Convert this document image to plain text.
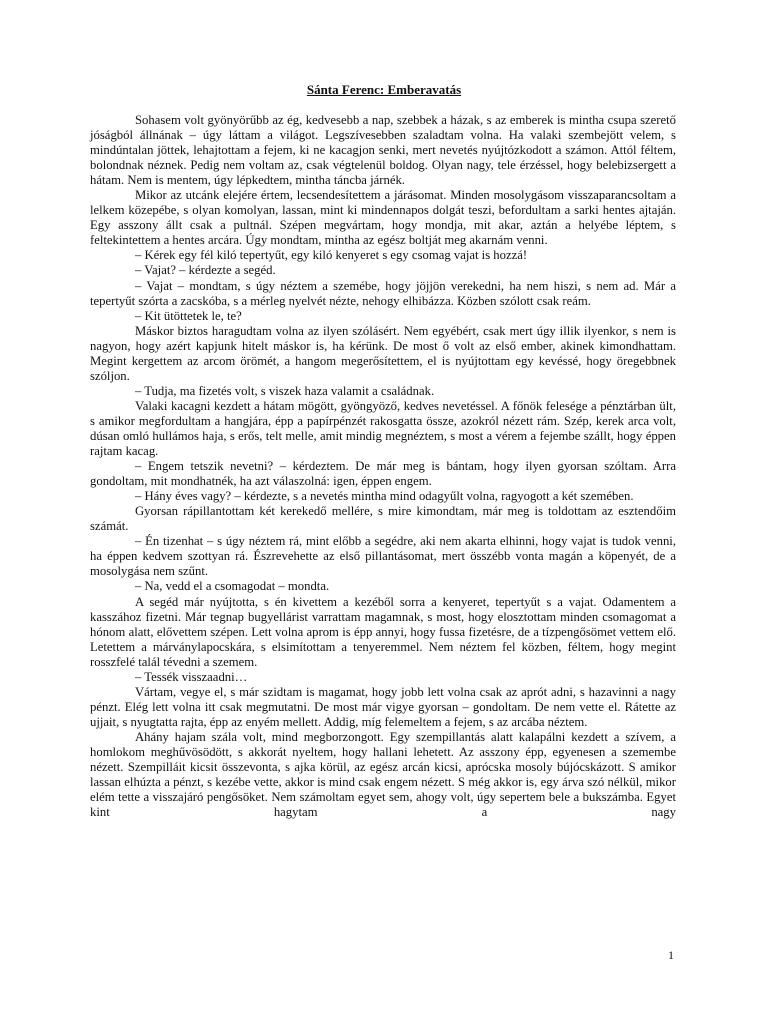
Sánta Ferenc: Emberavatás

Sohasem volt gyönyörűbb az ég, kedvesebb a nap, szebbek a házak, s az emberek is mintha csupa szerető jóságból állnának – úgy láttam a világot. Legszívesebben szaladtam volna. Ha valaki szembejött velem, s mindúntalan jöttek, lehajtottam a fejem, ki ne kacagjon senki, mert nevetés nyújtózkodott a számon. Attól féltem, bolondnak néznek. Pedig nem voltam az, csak végtelenül boldog. Olyan nagy, tele érzéssel, hogy belebizsergett a hátam. Nem is mentem, úgy lépkedtem, mintha táncba járnék.

Mikor az utcánk elejére értem, lecsendesítettem a járásomat. Minden mosolygásom visszaparancsoltam a lelkem közepébe, s olyan komolyan, lassan, mint ki mindennapos dolgát teszi, befordultam a sarki hentes ajtaján. Egy asszony állt csak a pultnál. Szépen megvártam, hogy mondja, mit akar, aztán a helyébe léptem, s feltekintettem a hentes arcára. Úgy mondtam, mintha az egész boltját meg akarnám venni.

– Kérek egy fél kiló tepertyűt, egy kiló kenyeret s egy csomag vajat is hozzá!

– Vajat? – kérdezte a segéd.

– Vajat – mondtam, s úgy néztem a szemébe, hogy jöjjön verekedni, ha nem hiszi, s nem ad. Már a tepertyűt szórta a zacskóba, s a mérleg nyelvét nézte, nehogy elhibázza. Közben szólott csak reám.

– Kit ütöttetek le, te?

Máskor biztos haragudtam volna az ilyen szólásért. Nem egyébért, csak mert úgy illik ilyenkor, s nem is nagyon, hogy azért kapjunk hitelt máskor is, ha kérünk. De most ő volt az első ember, akinek kimondhattam. Megint kergettem az arcom örömét, a hangom megerősítettem, el is nyújtottam egy kevéssé, hogy öregebbnek szóljon.

– Tudja, ma fizetés volt, s viszek haza valamit a családnak.

Valaki kacagni kezdett a hátam mögött, gyöngyöző, kedves nevetéssel. A főnök felesége a pénztárban ült, s amikor megfordultam a hangjára, épp a papírpénzét rakosgatta össze, azokról nézett rám. Szép, kerek arca volt, dúsan omló hullámos haja, s erős, telt melle, amit mindig megnéztem, s most a vérem a fejembe szállt, hogy éppen rajtam kacag.

– Engem tetszik nevetni? – kérdeztem. De már meg is bántam, hogy ilyen gyorsan szóltam. Arra gondoltam, mit mondhatnék, ha azt válaszolná: igen, éppen engem.

– Hány éves vagy? – kérdezte, s a nevetés mintha mind odagyűlt volna, ragyogott a két szemében.

Gyorsan rápillantottam két kerekedő mellére, s mire kimondtam, már meg is toldottam az esztendőim számát.

– Én tizenhat – s úgy néztem rá, mint előbb a segédre, aki nem akarta elhinni, hogy vajat is tudok venni, ha éppen kedvem szottyan rá. Észrevehette az első pillantásomat, mert összébb vonta magán a köpenyét, de a mosolygása nem szűnt.

– Na, vedd el a csomagodat – mondta.

A segéd már nyújtotta, s én kivettem a kezéből sorra a kenyeret, tepertyűt s a vajat. Odamentem a kasszához fizetni. Már tegnap bugyellárist varrattam magamnak, s most, hogy elosztottam minden csomagomat a hónom alatt, elővettem szépen. Lett volna aprom is épp annyi, hogy fussa fizetésre, de a tízpengősömet vettem elő. Letettem a márványlapocskára, s elsimítottam a tenyeremmel. Nem néztem fel közben, féltem, hogy megint rosszfelé talál tévedni a szemem.

– Tessék visszaadni…

Vártam, vegye el, s már szidtam is magamat, hogy jobb lett volna csak az aprót adni, s hazavinni a nagy pénzt. Elég lett volna itt csak megmutatni. De most már vigye gyorsan – gondoltam. De nem vette el. Rátette az ujjait, s nyugtatta rajta, épp az enyém mellett. Addig, míg felemeltem a fejem, s az arcába néztem.

Ahány hajam szála volt, mind megborzongott. Egy szempillantás alatt kalapálni kezdett a szívem, a homlokom meghűvösödött, s akkorát nyeltem, hogy hallani lehetett. Az asszony épp, egyenesen a szemembe nézett. Szempilláit kicsit összevonta, s ajka körül, az egész arcán kicsi, aprócska mosoly bújócskázott. S amikor lassan elhúzta a pénzt, s kezébe vette, akkor is mind csak engem nézett. S még akkor is, egy árva szó nélkül, mikor elém tette a visszajáró pengősöket. Nem számoltam egyet sem, ahogy volt, úgy sepertem bele a bukszámba. Egyet kint hagytam a nagy

1
